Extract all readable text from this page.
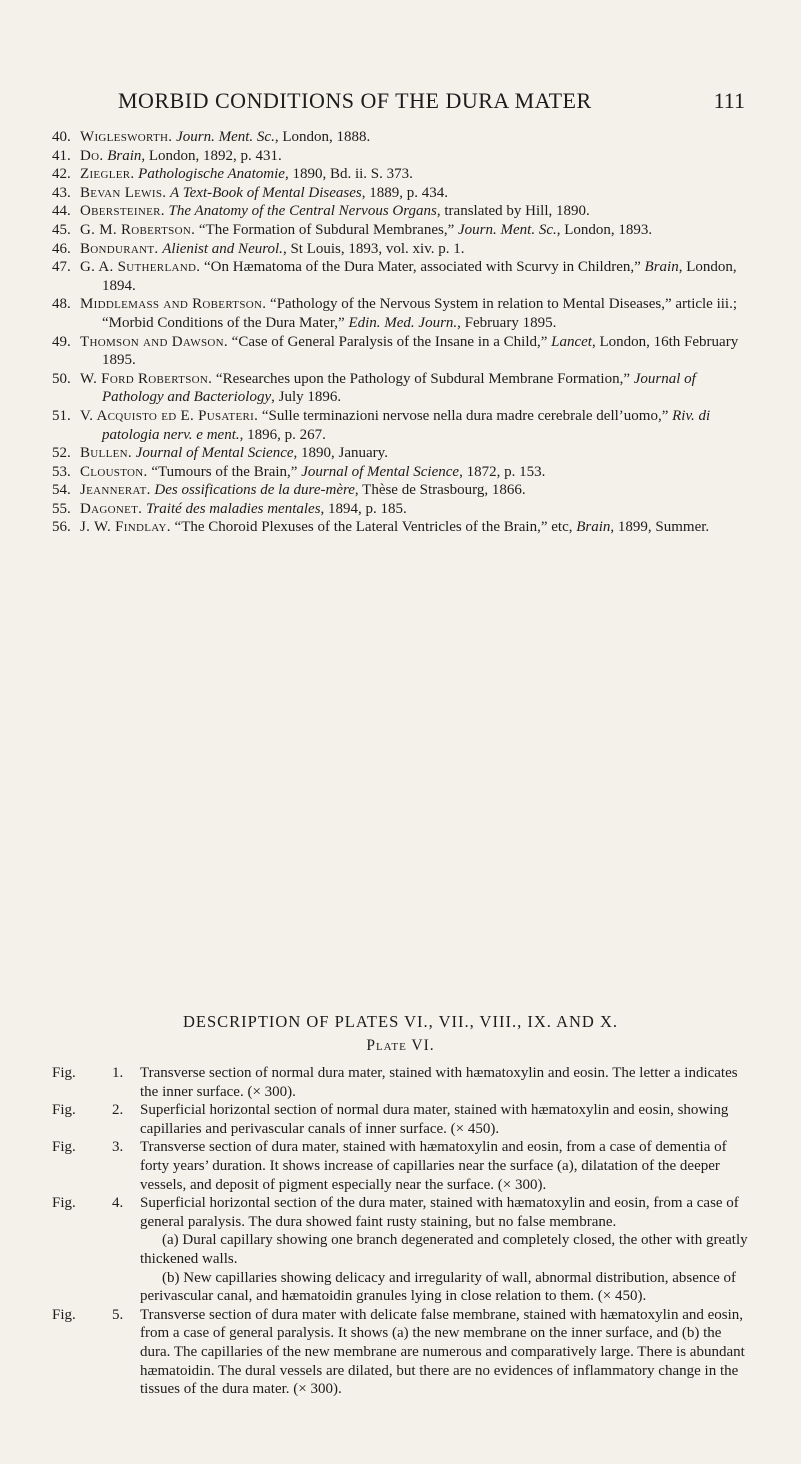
MORBID CONDITIONS OF THE DURA MATER	111
40. Wiglesworth. Journ. Ment. Sc., London, 1888.
41. Do. Brain, London, 1892, p. 431.
42. Ziegler. Pathologische Anatomie, 1890, Bd. ii. S. 373.
43. Bevan Lewis. A Text-Book of Mental Diseases, 1889, p. 434.
44. Obersteiner. The Anatomy of the Central Nervous Organs, translated by Hill, 1890.
45. G. M. Robertson. “The Formation of Subdural Membranes,” Journ. Ment. Sc., London, 1893.
46. Bondurant. Alienist and Neurol., St Louis, 1893, vol. xiv. p. 1.
47. G. A. Sutherland. “On Hæmatoma of the Dura Mater, associated with Scurvy in Children,” Brain, London, 1894.
48. Middlemass and Robertson. “Pathology of the Nervous System in relation to Mental Diseases,” article iii.; “Morbid Conditions of the Dura Mater,” Edin. Med. Journ., February 1895.
49. Thomson and Dawson. “Case of General Paralysis of the Insane in a Child,” Lancet, London, 16th February 1895.
50. W. Ford Robertson. “Researches upon the Pathology of Subdural Membrane Formation,” Journal of Pathology and Bacteriology, July 1896.
51. V. Acquisto ed E. Pusateri. “Sulle terminazioni nervose nella dura madre cerebrale dell’uomo,” Riv. di patologia nerv. e ment., 1896, p. 267.
52. Bullen. Journal of Mental Science, 1890, January.
53. Clouston. “Tumours of the Brain,” Journal of Mental Science, 1872, p. 153.
54. Jeannerat. Des ossifications de la dure-mère, Thèse de Strasbourg, 1866.
55. Dagonet. Traité des maladies mentales, 1894, p. 185.
56. J. W. Findlay. “The Choroid Plexuses of the Lateral Ventricles of the Brain,” etc, Brain, 1899, Summer.
DESCRIPTION OF PLATES VI., VII., VIII., IX. AND X.
Plate VI.
Fig. 1. Transverse section of normal dura mater, stained with hæmatoxylin and eosin. The letter a indicates the inner surface. (× 300).
Fig. 2. Superficial horizontal section of normal dura mater, stained with hæmatoxylin and eosin, showing capillaries and perivascular canals of inner surface. (× 450).
Fig. 3. Transverse section of dura mater, stained with hæmatoxylin and eosin, from a case of dementia of forty years’ duration. It shows increase of capillaries near the surface (a), dilatation of the deeper vessels, and deposit of pigment especially near the surface. (× 300).
Fig. 4. Superficial horizontal section of the dura mater, stained with hæmatoxylin and eosin, from a case of general paralysis. The dura showed faint rusty staining, but no false membrane.
(a) Dural capillary showing one branch degenerated and completely closed, the other with greatly thickened walls.
(b) New capillaries showing delicacy and irregularity of wall, abnormal distribution, absence of perivascular canal, and hæmatoidin granules lying in close relation to them. (× 450).
Fig. 5. Transverse section of dura mater with delicate false membrane, stained with hæmatoxylin and eosin, from a case of general paralysis. It shows (a) the new membrane on the inner surface, and (b) the dura. The capillaries of the new membrane are numerous and comparatively large. There is abundant hæmatoidin. The dural vessels are dilated, but there are no evidences of inflammatory change in the tissues of the dura mater. (× 300).
